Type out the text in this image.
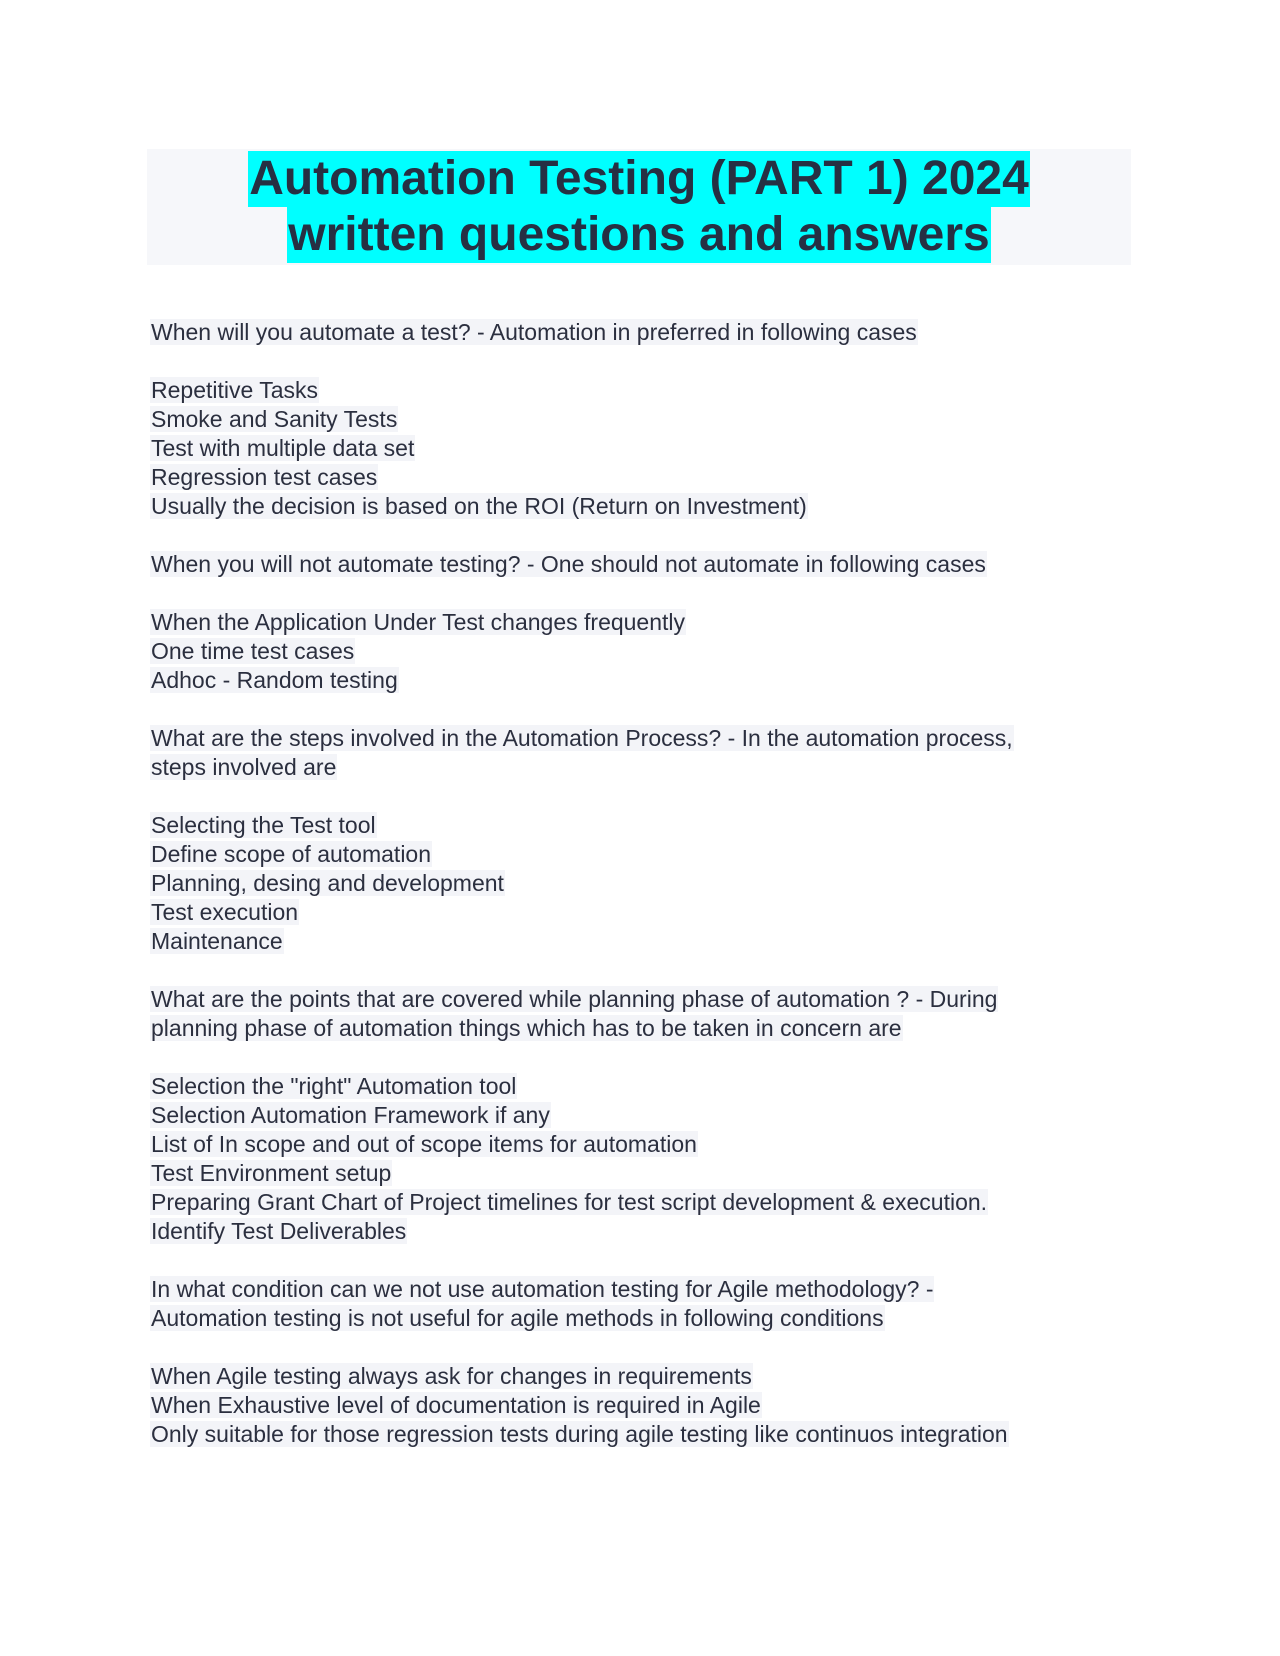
Automation Testing (PART 1) 2024
written questions and answers
When will you automate a test? - Automation in preferred in following cases
Repetitive Tasks
Smoke and Sanity Tests
Test with multiple data set
Regression test cases
Usually the decision is based on the ROI (Return on Investment)
When you will not automate testing? - One should not automate in following cases
When the Application Under Test changes frequently
One time test cases
Adhoc - Random testing
What are the steps involved in the Automation Process? - In the automation process,
steps involved are
Selecting the Test tool
Define scope of automation
Planning, desing and development
Test execution
Maintenance
What are the points that are covered while planning phase of automation ? - During
planning phase of automation things which has to be taken in concern are
Selection the "right" Automation tool
Selection Automation Framework if any
List of In scope and out of scope items for automation
Test Environment setup
Preparing Grant Chart of Project timelines for test script development & execution.
Identify Test Deliverables
In what condition can we not use automation testing for Agile methodology? -
Automation testing is not useful for agile methods in following conditions
When Agile testing always ask for changes in requirements
When Exhaustive level of documentation is required in Agile
Only suitable for those regression tests during agile testing like continuos integration
